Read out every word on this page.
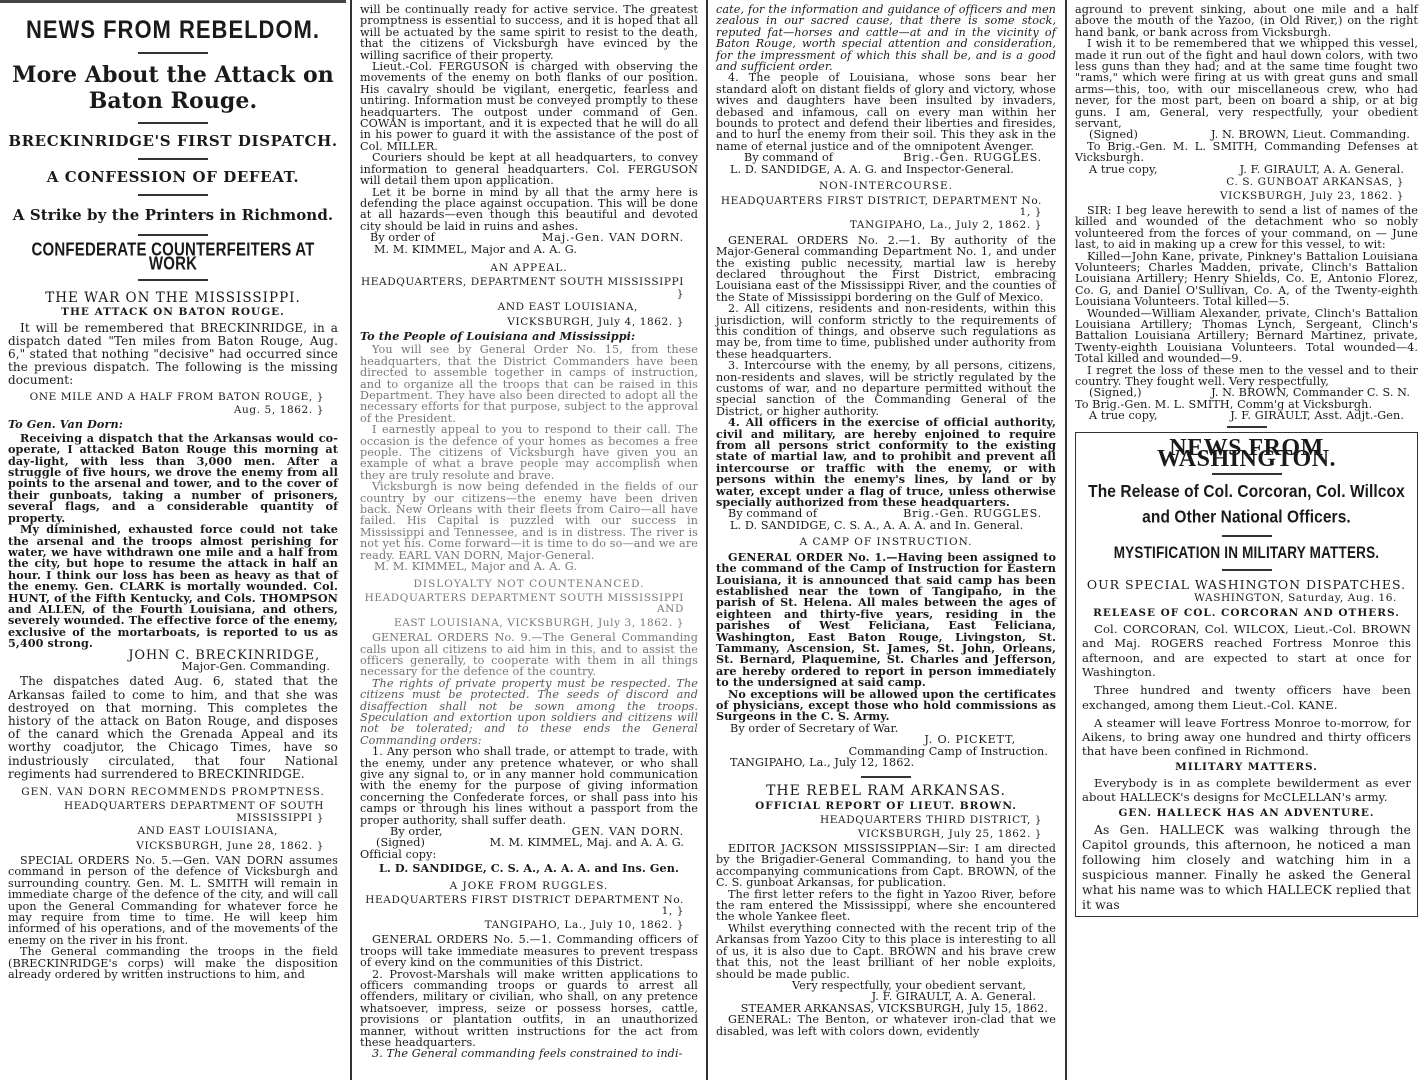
NEWS FROM REBELDOM.
More About the Attack on Baton Rouge.
BRECKINRIDGE'S FIRST DISPATCH.
A CONFESSION OF DEFEAT.
A Strike by the Printers in Richmond.
CONFEDERATE COUNTERFEITERS AT WORK
THE WAR ON THE MISSISSIPPI.
THE ATTACK ON BATON ROUGE.

It will be remembered that BRECKINRIDGE, in a dispatch dated "Ten miles from Baton Rouge, Aug. 6," stated that nothing "decisive" had occurred since the previous dispatch. The following is the missing document:

ONE MILE AND A HALF FROM BATON ROUGE, }
Aug. 5, 1862. }
To Gen. Van Dorn:

Receiving a dispatch that the Arkansas would co-operate, I attacked Baton Rouge this morning at day-light, with less than 3,000 men. After a struggle of five hours, we drove the enemy from all points to the arsenal and tower, and to the cover of their gunboats, taking a number of prisoners, several flags, and a considerable quantity of property.

My diminished, exhausted force could not take the arsenal and the troops almost perishing for water, we have withdrawn one mile and a half from the city, but hope to resume the attack in half an hour. I think our loss has been as heavy as that of the enemy. Gen. CLARK is mortally wounded. Col. HUNT, of the Fifth Kentucky, and Cols. THOMPSON and ALLEN, of the Fourth Louisiana, and others, severely wounded. The effective force of the enemy, exclusive of the mortarboats, is reported to us as 5,400 strong.

JOHN C. BRECKINRIDGE,
Major-Gen. Commanding.

The dispatches dated Aug. 6, stated that the Arkansas failed to come to him, and that she was destroyed on that morning. This completes the history of the attack on Baton Rouge, and disposes of the canard which the Grenada Appeal and its worthy coadjutor, the Chicago Times, have so industriously circulated, that four National regiments had surrendered to BRECKINRIDGE.

GEN. VAN DORN RECOMMENDS PROMPTNESS.
HEADQUARTERS DEPARTMENT OF SOUTH MISSISSIPPI }
AND EAST LOUISIANA,
VICKSBURGH, June 28, 1862. }

SPECIAL ORDERS No. 5.—Gen. VAN DORN assumes command in person of the defence of Vicksburgh and surrounding country. Gen. M. L. SMITH will remain in immediate charge of the defence of the city, and will call upon the General Commanding for whatever force he may require from time to time. He will keep him informed of his operations, and of the movements of the enemy on the river in his front.

The General commanding the troops in the field (BRECKINRIDGE's corps) will make the disposition already ordered by written instructions to him, and

will be continually ready for active service. The greatest promptness is essential to success, and it is hoped that all will be actuated by the same spirit to resist to the death, that the citizens of Vicksburgh have evinced by the willing sacrifice of their property.

Lieut.-Col. FERGUSON is charged with observing the movements of the enemy on both flanks of our position. His cavalry should be vigilant, energetic, fearless and untiring. Information must be conveyed promptly to these headquarters. The outpost under command of Gen. COWAN is important, and it is expected that he will do all in his power to guard it with the assistance of the post of Col. MILLER.

Couriers should be kept at all headquarters, to convey information to general headquarters. Col. FERGUSON will detail them upon application.

Let it be borne in mind by all that the army here is defending the place against occupation. This will be done at all hazards—even though this beautiful and devoted city should be laid in ruins and ashes.

By order of	Maj.-Gen. VAN DORN.
M. M. KIMMEL, Major and A. A. G.
AN APPEAL.
HEADQUARTERS, DEPARTMENT SOUTH MISSISSIPPI }
AND EAST LOUISIANA,
VICKSBURGH, July 4, 1862. }
To the People of Louisiana and Mississippi:

You will see by General Order No. 15, from these headquarters, that the District Commanders have been directed to assemble together in camps of instruction, and to organize all the troops that can be raised in this Department. They have also been directed to adopt all the necessary efforts for that purpose, subject to the approval of the President.

I earnestly appeal to you to respond to their call. The occasion is the defence of your homes as becomes a free people. The citizens of Vicksburgh have given you an example of what a brave people may accomplish when they are truly resolute and brave.

Vicksburgh is now being defended in the fields of our country by our citizens—the enemy have been driven back. New Orleans with their fleets from Cairo—all have failed. His Capital is puzzled with our success in Mississippi and Tennessee, and is in distress. The river is not yet his. Come forward—it is time to do so—and we are ready. EARL VAN DORN, Major-General.

M. M. KIMMEL, Major and A. A. G.
DISLOYALTY NOT COUNTENANCED.
HEADQUARTERS DEPARTMENT SOUTH MISSISSIPPI AND
EAST LOUISIANA, VICKSBURGH, July 3, 1862. }

GENERAL ORDERS No. 9.—The General Commanding calls upon all citizens to aid him in this, and to assist the officers generally, to cooperate with them in all things necessary for the defence of the country.

The rights of private property must be respected. The citizens must be protected. The seeds of discord and disaffection shall not be sown among the troops. Speculation and extortion upon soldiers and citizens will not be tolerated; and to these ends the General Commanding orders:

1. Any person who shall trade, or attempt to trade, with the enemy, under any pretence whatever, or who shall give any signal to, or in any manner hold communication with the enemy for the purpose of giving information concerning the Confederate forces, or shall pass into his camps or through his lines without a passport from the proper authority, shall suffer death.

By order,	GEN. VAN DORN.
(Signed)	M. M. KIMMEL, Maj. and A. A. G.
Official copy:
L. D. SANDIDGE, C. S. A., A. A. A. and Ins. Gen.
A JOKE FROM RUGGLES.
HEADQUARTERS FIRST DISTRICT DEPARTMENT No. 1, }
TANGIPAHO, La., July 10, 1862. }

GENERAL ORDERS No. 5.—1. Commanding officers of troops will take immediate measures to prevent trespass of every kind on the communities of this District.

2. Provost-Marshals will make written applications to officers commanding troops or guards to arrest all offenders, military or civilian, who shall, on any pretence whatsoever, impress, seize or possess horses, cattle, provisions or plantation outfits, in an unauthorized manner, without written instructions for the act from these headquarters.

3. The General commanding feels constrained to indi-

cate, for the information and guidance of officers and men zealous in our sacred cause, that there is some stock, reputed fat—horses and cattle—at and in the vicinity of Baton Rouge, worth special attention and consideration, for the impressment of which this shall be, and is a good and sufficient order.

4. The people of Louisiana, whose sons bear her standard aloft on distant fields of glory and victory, whose wives and daughters have been insulted by invaders, debased and infamous, call on every man within her bounds to protect and defend their liberties and firesides, and to hurl the enemy from their soil. This they ask in the name of eternal justice and of the omnipotent Avenger.

By command of	Brig.-Gen. RUGGLES.
L. D. SANDIDGE, A. A. G. and Inspector-General.
NON-INTERCOURSE.
HEADQUARTERS FIRST DISTRICT, DEPARTMENT No. 1, }
TANGIPAHO, La., July 2, 1862. }

GENERAL ORDERS No. 2.—1. By authority of the Major-General commanding Department No. 1, and under the existing public necessity, martial law is hereby declared throughout the First District, embracing Louisiana east of the Mississippi River, and the counties of the State of Mississippi bordering on the Gulf of Mexico.

2. All citizens, residents and non-residents, within this jurisdiction, will conform strictly to the requirements of this condition of things, and observe such regulations as may be, from time to time, published under authority from these headquarters.

3. Intercourse with the enemy, by all persons, citizens, non-residents and slaves, will be strictly regulated by the customs of war, and no departure permitted without the special sanction of the Commanding General of the District, or higher authority.

4. All officers in the exercise of official authority, civil and military, are hereby enjoined to require from all persons strict conformity to the existing state of martial law, and to prohibit and prevent all intercourse or traffic with the enemy, or with persons within the enemy's lines, by land or by water, except under a flag of truce, unless otherwise specially authorized from these headquarters.

By command of	Brig.-Gen. RUGGLES.
L. D. SANDIDGE, C. S. A., A. A. A. and In. General.
A CAMP OF INSTRUCTION.

GENERAL ORDER No. 1.—Having been assigned to the command of the Camp of Instruction for Eastern Louisiana, it is announced that said camp has been established near the town of Tangipaho, in the parish of St. Helena. All males between the ages of eighteen and thirty-five years, residing in the parishes of West Feliciana, East Feliciana, Washington, East Baton Rouge, Livingston, St. Tammany, Ascension, St. James, St. John, Orleans, St. Bernard, Plaquemine, St. Charles and Jefferson, are hereby ordered to report in person immediately to the undersigned at said camp.

No exceptions will be allowed upon the certificates of physicians, except those who hold commissions as Surgeons in the C. S. Army.

By order of Secretary of War.
J. O. PICKETT,
Commanding Camp of Instruction.
TANGIPAHO, La., July 12, 1862.
THE REBEL RAM ARKANSAS.
OFFICIAL REPORT OF LIEUT. BROWN.
HEADQUARTERS THIRD DISTRICT, }
VICKSBURGH, July 25, 1862. }

EDITOR JACKSON MISSISSIPPIAN—Sir: I am directed by the Brigadier-General Commanding, to hand you the accompanying communications from Capt. BROWN, of the C. S. gunboat Arkansas, for publication.

The first letter refers to the fight in Yazoo River, before the ram entered the Mississippi, where she encountered the whole Yankee fleet.

Whilst everything connected with the recent trip of the Arkansas from Yazoo City to this place is interesting to all of us, it is also due to Capt. BROWN and his brave crew that this, not the least brilliant of her noble exploits, should be made public.

Very respectfully, your obedient servant,
J. F. GIRAULT, A. A. General.
STEAMER ARKANSAS, VICKSBURGH, July 15, 1862.

GENERAL: The Benton, or whatever iron-clad that we disabled, was left with colors down, evidently

aground to prevent sinking, about one mile and a half above the mouth of the Yazoo, (in Old River,) on the right hand bank, or bank across from Vicksburgh.

I wish it to be remembered that we whipped this vessel, made it run out of the fight and haul down colors, with two less guns than they had; and at the same time fought two "rams," which were firing at us with great guns and small arms—this, too, with our miscellaneous crew, who had never, for the most part, been on board a ship, or at big guns. I am, General, very respectfully, your obedient servant,

(Signed)	J. N. BROWN, Lieut. Commanding.

To Brig.-Gen. M. L. SMITH, Commanding Defenses at Vicksburgh.

A true copy,	J. F. GIRAULT, A. A. General.
C. S. GUNBOAT ARKANSAS, }
VICKSBURGH, July 23, 1862. }

SIR: I beg leave herewith to send a list of names of the killed and wounded of the detachment who so nobly volunteered from the forces of your command, on — June last, to aid in making up a crew for this vessel, to wit:

Killed—John Kane, private, Pinkney's Battalion Louisiana Volunteers; Charles Madden, private, Clinch's Battalion Louisiana Artillery; Henry Shields, Co. E, Antonio Florez, Co. G, and Daniel O'Sullivan, Co. A, of the Twenty-eighth Louisiana Volunteers. Total killed—5.

Wounded—William Alexander, private, Clinch's Battalion Louisiana Artillery; Thomas Lynch, Sergeant, Clinch's Battalion Louisiana Artillery; Bernard Martinez, private, Twenty-eighth Louisiana Volunteers. Total wounded—4. Total killed and wounded—9.

I regret the loss of these men to the vessel and to their country. They fought well. Very respectfully,

(Signed,)	J. N. BROWN, Commander C. S. N.

To Brig.-Gen. M. L. SMITH, Comm'g at Vicksburgh.

A true copy,	J. F. GIRAULT, Asst. Adjt.-Gen.
NEWS FROM WASHINGTON.
The Release of Col. Corcoran, Col. Willcox and Other National Officers.
MYSTIFICATION IN MILITARY MATTERS.
OUR SPECIAL WASHINGTON DISPATCHES.
WASHINGTON, Saturday, Aug. 16.
RELEASE OF COL. CORCORAN AND OTHERS.

Col. CORCORAN, Col. WILCOX, Lieut.-Col. BROWN and Maj. ROGERS reached Fortress Monroe this afternoon, and are expected to start at once for Washington.

Three hundred and twenty officers have been exchanged, among them Lieut.-Col. KANE.

A steamer will leave Fortress Monroe to-morrow, for Aikens, to bring away one hundred and thirty officers that have been confined in Richmond.

MILITARY MATTERS.

Everybody is in as complete bewilderment as ever about HALLECK's designs for McCLELLAN's army.

GEN. HALLECK HAS AN ADVENTURE.

As Gen. HALLECK was walking through the Capitol grounds, this afternoon, he noticed a man following him closely and watching him in a suspicious manner. Finally he asked the General what his name was to which HALLECK replied that it was
